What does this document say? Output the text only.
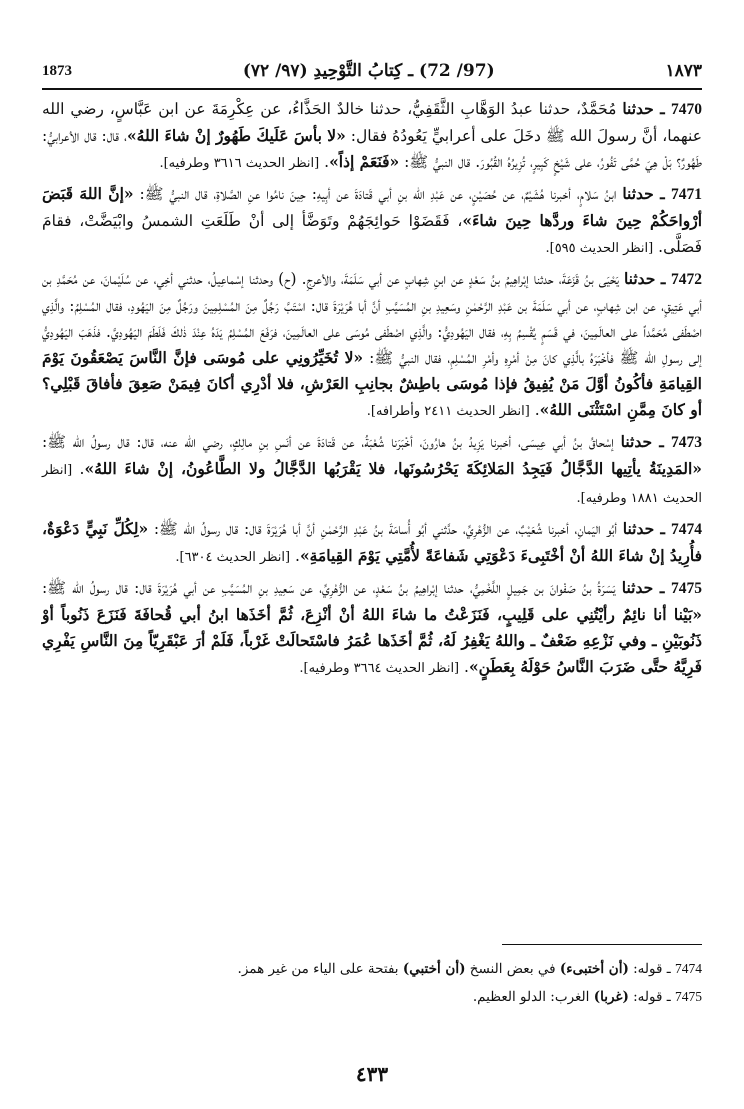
1873	(97/ 72) ـ كِتابُ التَّوْحِيدِ (٩٧/ ٧٢)	١٨٧٣

7470 ـ حدثنا مُحَمَّدٌ، حدثنا عبدُ الوَهَّابِ الثَّقَفِيُّ، حدثنا خالدٌ الحَذَّاءُ، عن عِكْرِمَةَ عن ابن عَبَّاسٍ، رضي الله عنهما، أنَّ رسولَ الله ﷺ دخَلَ على أعرابيٍّ يَعُودُهُ فقال: «لا بأسَ عَلَيكَ طَهُورٌ إنْ شاءَ اللهُ»، قال: قال الأعرابيُّ: طَهُورٌ؟ بَلْ هِيَ حُمَّى تَفُورُ، على شَيْخٍ كَبِيرٍ، تُزِيرُهُ القُبُورَ. قال النبيُّ ﷺ: «فَنَعَمْ إذاً». [انظر الحديث ٣٦١٦ وطرفيه].

7471 ـ حدثنا ابنُ سَلامٍ، أخبرنا هُشَيْمٌ، عن حُصَيْنٍ، عن عَبْدِ الله بنِ أبي قَتادَةَ عن أبِيهِ: حِينَ نامُوا عنِ الصَّلاةِ، قال النبيُّ ﷺ: «إنَّ اللهَ قَبَضَ أرْواحَكُمْ حِينَ شاءَ وردَّها حِينَ شاءَ»، فَقَضَوْا حَوائِجَهُمْ وتَوَضَّأ إلى أنْ طَلَعَتِ الشمسُ وابْيَضَّتْ، فقامَ فَصَلَّى. [انظر الحديث ٥٩٥].

7472 ـ حدثنا يَحْيَى بنُ قَزَعَةَ، حدثنا إبْراهِيمُ بنُ سَعْدٍ عن ابنِ شِهابٍ عن أبي سَلَمَةَ، والأعرجِ. (ح) وحدثنا إسْماعِيلُ، حدثني أخِي، عن سُلَيْمانَ، عن مُحَمَّدِ بن أبي عَتِيقٍ، عن ابن شِهابٍ، عن أبي سَلَمَةَ بن عَبْدِ الرَّحْمٰنِ وسَعِيدِ بنِ المُسَيَّبِ أنَّ أبا هُرَيْرَةَ قال: اسْتَبَّ رَجُلٌ مِنَ المُسْلِمِينَ ورَجُلٌ مِنَ اليَهُودِ، فقال المُسْلِمُ: والَّذِي اصْطَفى مُحَمَّداً على العالَمِينَ، في قَسَمٍ يُقْسِمُ بِهِ، فقال اليَهُودِيُّ: والَّذِي اصْطَفى مُوسَى على العالَمِينَ، فرَفَعَ المُسْلِمُ يَدَهُ عِنْدَ ذٰلكَ فَلَطَمَ اليَهُودِيَّ. فذَهَبَ اليَهُودِيُّ إلى رسولِ الله ﷺ فأخْبَرَهُ بالَّذِي كانَ مِنْ أمْرِهِ وأمْرِ المُسْلِمِ، فقال النبيُّ ﷺ: «لا تُخَيِّرُونِي على مُوسَى فإنَّ النَّاسَ يَصْعَقُونَ يَوْمَ القِيامَةِ فأكُونُ أوَّلَ مَنْ يُفِيقُ فإذا مُوسَى باطِشٌ بجانِبِ العَرْشِ، فلا أدْرِي أكانَ فِيمَنْ صَعِقَ فأفاقَ قَبْلِي؟ أو كانَ مِمَّنِ اسْتَثْنَى اللهُ». [انظر الحديث ٢٤١١ وأطرافه].

7473 ـ حدثنا إسْحاقُ بنُ أبي عِيسَى، أخبرنا يَزِيدُ بنُ هارُونَ، أخْبَرَنا شُعْبَةُ، عن قَتادَةَ عن أنَسِ بنِ مالِكٍ، رضي الله عنه، قال: قال رسولُ الله ﷺ: «المَدِينَةُ يأتِيها الدَّجَّالُ فَيَجِدُ المَلائِكَةَ يَحْرُسُونَها، فلا يَقْرَبُها الدَّجَّالُ ولا الطَّاعُونُ، إنْ شاءَ اللهُ». [انظر الحديث ١٨٨١ وطرفيه].

7474 ـ حدثنا أبُو اليَمانِ، أخبرنا شُعَيْبٌ، عن الزُّهْرِيِّ، حدَّثني أبُو أُسامَةَ بنُ عَبْدِ الرَّحْمٰنِ أنَّ أبا هُرَيْرَةَ قال: قال رسولُ الله ﷺ: «لِكُلِّ نَبِيٍّ دَعْوَةٌ، فأُرِيدُ إنْ شاءَ اللهُ أنْ أخْتَبِىءَ دَعْوَتِي شَفاعَةً لأُمَّتِي يَوْمَ القِيامَةِ». [انظر الحديث ٦٣٠٤].

7475 ـ حدثنا يَسَرَةُ بنُ صَفْوانَ بن جَمِيلٍ اللَّخْمِيُّ، حدثنا إبْراهِيمُ بنُ سَعْدٍ، عن الزُّهْرِيِّ، عن سَعِيدِ بنِ المُسَيَّبِ عن أبي هُرَيْرَةَ قال: قال رسولُ الله ﷺ: «بَيْنا أنا نائِمٌ رأيْتُنِي على قَلِيبٍ، فَنَزَعْتُ ما شاءَ اللهُ أنْ أنْزِعَ، ثُمَّ أخَذَها ابنُ أبي قُحافَةَ فَنَزَعَ ذَنُوباً أوْ ذَنُوبَيْنِ ـ وفي نَزْعِهِ ضَعْفٌ ـ واللهُ يَغْفِرُ لَهُ، ثُمَّ أخَذَها عُمَرُ فاسْتَحالَتْ غَرْباً، فَلَمْ أرَ عَبْقَرِيّاً مِنَ النَّاسِ يَفْرِي فَرِيَّهُ حتَّى ضَرَبَ النَّاسُ حَوْلَهُ بِعَطَنٍ». [انظر الحديث ٣٦٦٤ وطرفيه].

7474 ـ قوله: (أن أختبىء) في بعض النسخ (أن أختبي) بفتحة على الياء من غير همز.

7475 ـ قوله: (غربا) الغرب: الدلو العظيم.

٤٣٣
